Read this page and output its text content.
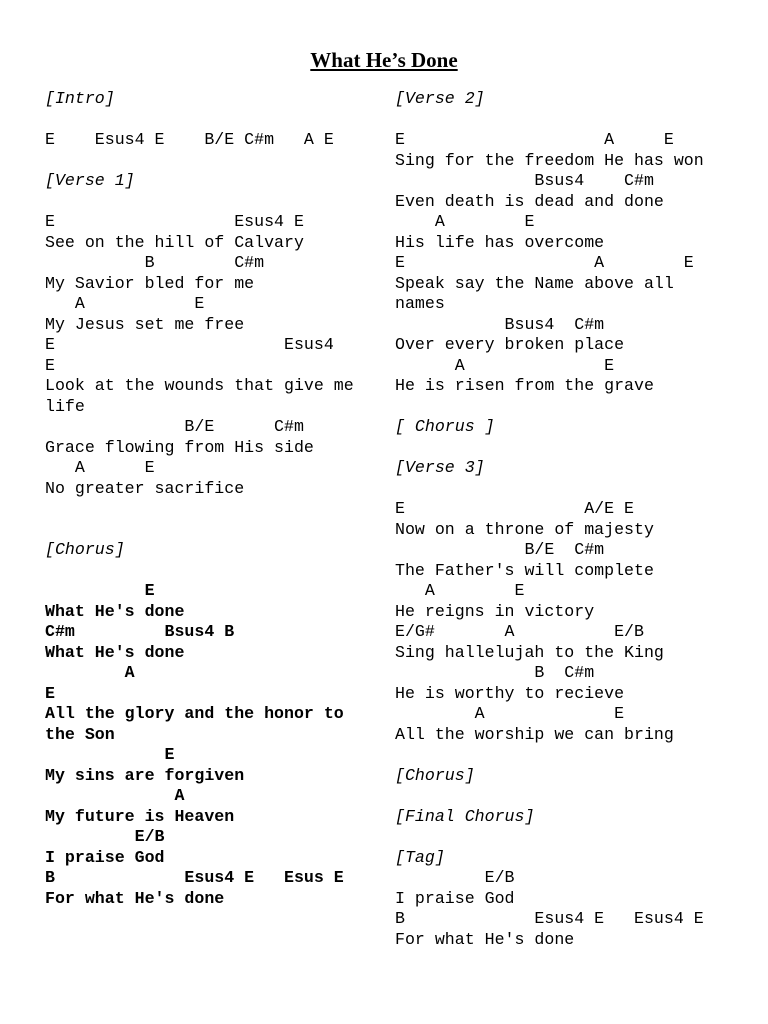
What He’s Done
[Intro]
E    Esus4 E    B/E C#m   A E
[Verse 1]
E                  Esus4 E
See on the hill of Calvary
B        C#m
My Savior bled for me
A           E
My Jesus set me free
E                       Esus4
E
Look at the wounds that give me
life
B/E      C#m
Grace flowing from His side
A      E
No greater sacrifice
[Chorus]
E
What He's done
C#m         Bsus4 B
What He's done
A
E
All the glory and the honor to
the Son
E
My sins are forgiven
A
My future is Heaven
E/B
I praise God
B             Esus4 E   Esus E
For what He's done
[Verse 2]
E                    A     E
Sing for the freedom He has won
Bsus4    C#m
Even death is dead and done
A        E
His life has overcome
E                   A        E
Speak say the Name above all
names
Bsus4  C#m
Over every broken place
A              E
He is risen from the grave
[ Chorus ]
[Verse 3]
E                  A/E E
Now on a throne of majesty
B/E  C#m
The Father's will complete
A        E
He reigns in victory
E/G#       A          E/B
Sing hallelujah to the King
B  C#m
He is worthy to recieve
A             E
All the worship we can bring
[Chorus]
[Final Chorus]
[Tag]
E/B
I praise God
B             Esus4 E   Esus4 E
For what He's done
